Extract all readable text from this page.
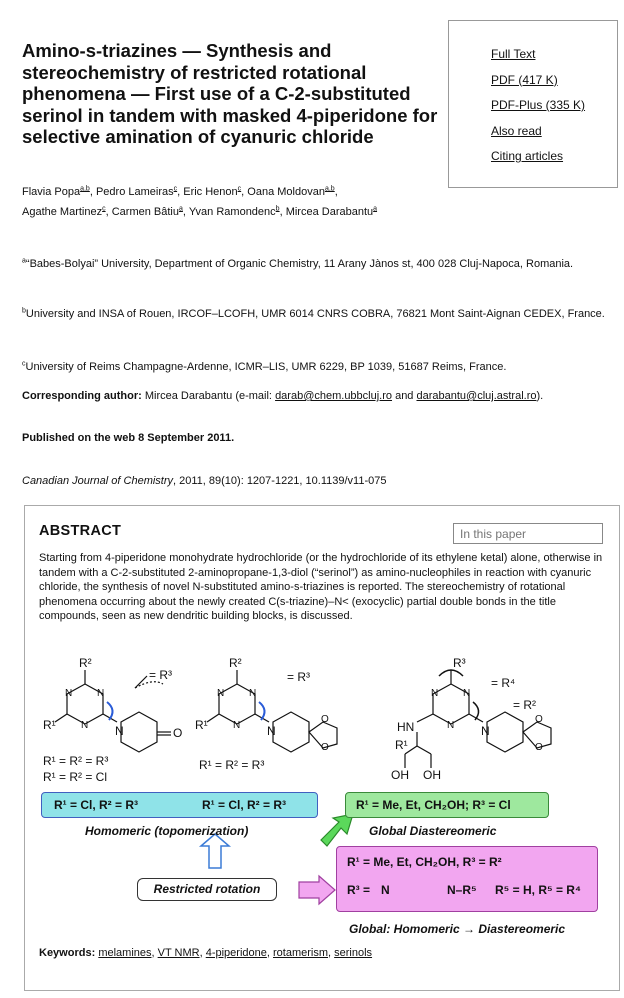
Amino-s-triazines — Synthesis and stereochemistry of restricted rotational phenomena — First use of a C-2-substituted serinol in tandem with masked 4-piperidone for selective amination of cyanuric chloride
Full Text
PDF (417 K)
PDF-Plus (335 K)
Also read
Citing articles
Flavia Popa$^{a,b}$, Pedro Lameiras$^c$, Eric Henon$^c$, Oana Moldovan$^{a,b}$,
Agathe Martinez$^c$, Carmen Bâtiu$^a$, Yvan Ramondenc$^b$, Mircea Darabantu$^a$
$^a$“Babes-Bolyai” University, Department of Organic Chemistry, 11 Arany Jànos st, 400 028 Cluj-Napoca, Romania.
$^b$University and INSA of Rouen, IRCOF–LCOFH, UMR 6014 CNRS COBRA, 76821 Mont Saint-Aignan CEDEX, France.
$^c$University of Reims Champagne-Ardenne, ICMR–LIS, UMR 6229, BP 1039, 51687 Reims, France.
Corresponding author: Mircea Darabantu (e-mail: darab@chem.ubbcluj.ro and darabantu@cluj.astral.ro).
Published on the web 8 September 2011.
Canadian Journal of Chemistry, 2011, 89(10): 1207-1221, 10.1139/v11-075
ABSTRACT
In this paper
Starting from 4-piperidone monohydrate hydrochloride (or the hydrochloride of its ethylene ketal) alone, otherwise in tandem with a C-2-substituted 2-aminopropane-1,3-diol (“serinol”) as amino-nucleophiles in reaction with cyanuric chloride, the synthesis of novel N-substituted amino-s-triazines is reported. The stereochemistry of rotational phenomena occurring about the newly created C(s-triazine)–N< (exocyclic) partial double bonds in the title compounds, seen as new dendritic building blocks, is discussed.
R²
R¹
N N
N N	O
= R³
R²
R¹
N N
N N
O
O
= R³
R³
= R⁴
= R²
N N
N
HN
R¹
N
O
O
OH OH
R¹ = R² = R³
R¹ = R² = Cl
R¹ = R² = R³
R¹ = Cl, R² = R³	R¹ = Cl, R² = R³
Homomeric (topomerization)
R¹ = Me, Et, CH₂OH; R³ = Cl
Global Diastereomeric
R¹ = Me, Et, CH₂OH, R³ = R²
R³ = N	N–R⁵ R⁵ = H, R⁵ = R⁴
Restricted rotation
Global: Homomeric → Diastereomeric
Keywords: melamines, VT NMR, 4-piperidone, rotamerism, serinols
